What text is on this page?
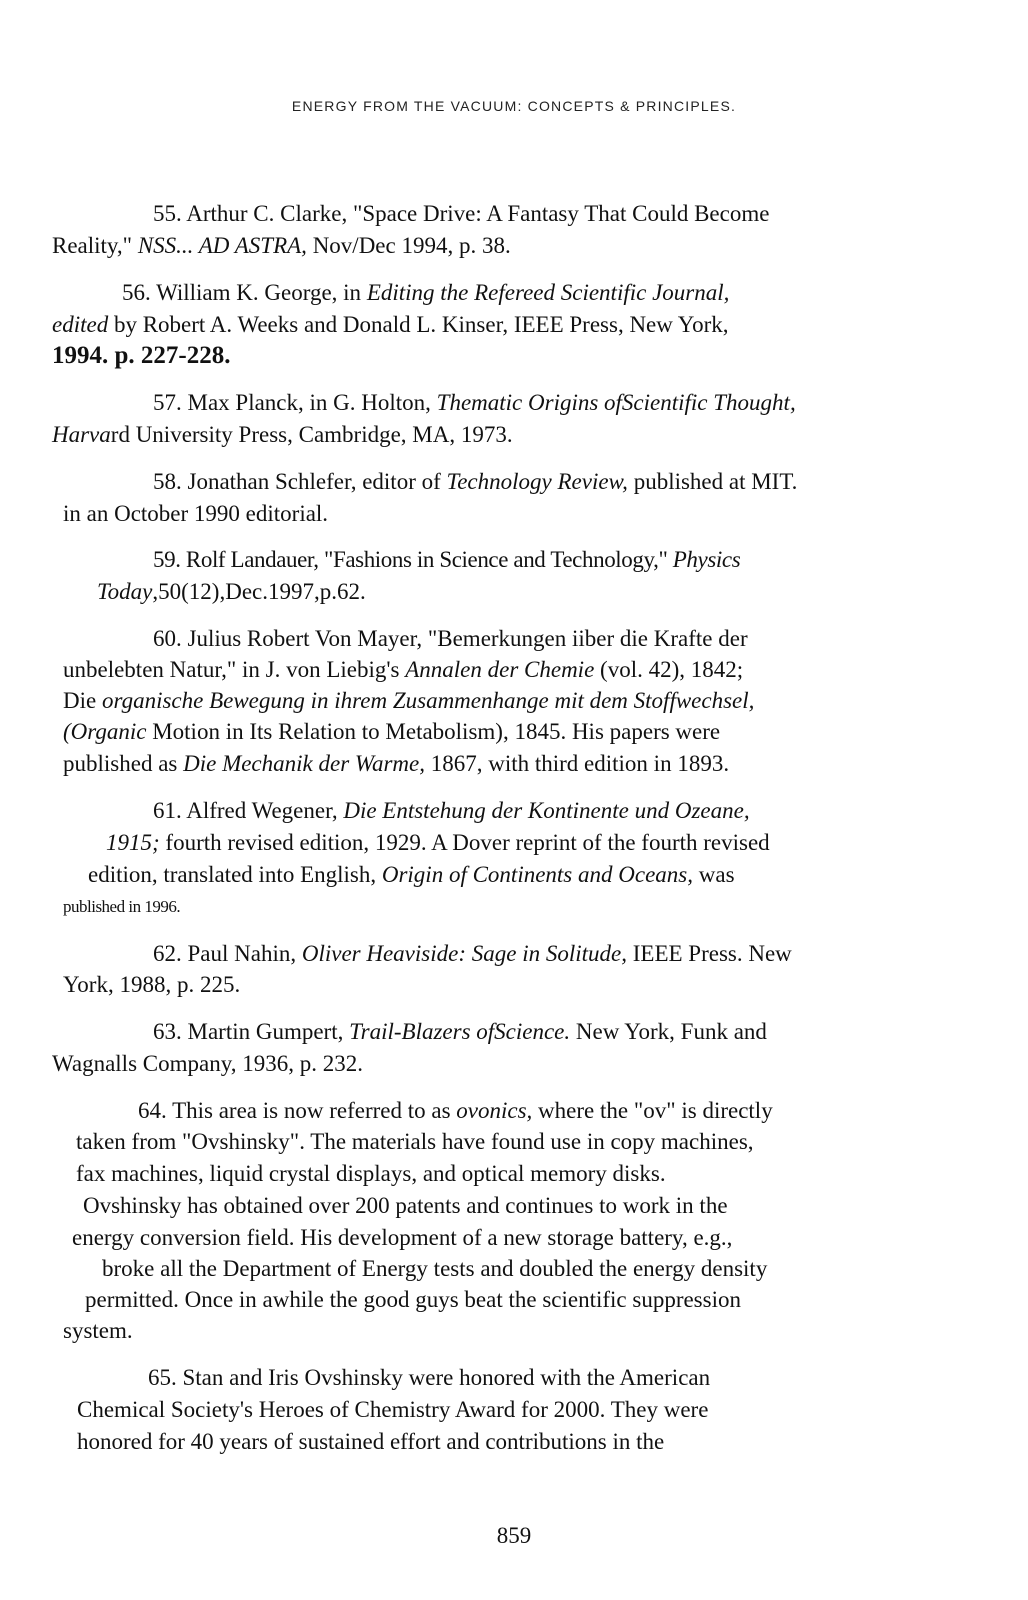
ENERGY FROM THE VACUUM: CONCEPTS & PRINCIPLES.
55. Arthur C. Clarke, "Space Drive: A Fantasy That Could Become
Reality," NSS... AD ASTRA, Nov/Dec 1994, p. 38.
56. William K. George, in Editing the Refereed Scientific Journal,
edited by Robert A. Weeks and Donald L. Kinser, IEEE Press, New York,
1994. p. 227-228.
57. Max Planck, in G. Holton, Thematic Origins ofScientific Thought,
Harvard University Press, Cambridge, MA, 1973.
58. Jonathan Schlefer, editor of Technology Review, published at MIT.
in an October 1990 editorial.
59. Rolf Landauer, "Fashions in Science and Technology," Physics
Today,50(12),Dec.1997,p.62.
60. Julius Robert Von Mayer, "Bemerkungen iiber die Krafte der
unbelebten Natur," in J. von Liebig's Annalen der Chemie (vol. 42), 1842;
Die organische Bewegung in ihrem Zusammenhange mit dem Stoffwechsel,
(Organic Motion in Its Relation to Metabolism), 1845. His papers were
published as Die Mechanik der Warme, 1867, with third edition in 1893.
61. Alfred Wegener, Die Entstehung der Kontinente und Ozeane,
1915; fourth revised edition, 1929. A Dover reprint of the fourth revised
edition, translated into English, Origin of Continents and Oceans, was
published in 1996.
62. Paul Nahin, Oliver Heaviside: Sage in Solitude, IEEE Press. New
York, 1988, p. 225.
63. Martin Gumpert, Trail-Blazers ofScience. New York, Funk and
Wagnalls Company, 1936, p. 232.
64. This area is now referred to as ovonics, where the "ov" is directly
taken from "Ovshinsky". The materials have found use in copy machines,
fax machines, liquid crystal displays, and optical memory disks.
Ovshinsky has obtained over 200 patents and continues to work in the
energy conversion field. His development of a new storage battery, e.g.,
broke all the Department of Energy tests and doubled the energy density
permitted. Once in awhile the good guys beat the scientific suppression
system.
65. Stan and Iris Ovshinsky were honored with the American
Chemical Society's Heroes of Chemistry Award for 2000. They were
honored for 40 years of sustained effort and contributions in the
859
